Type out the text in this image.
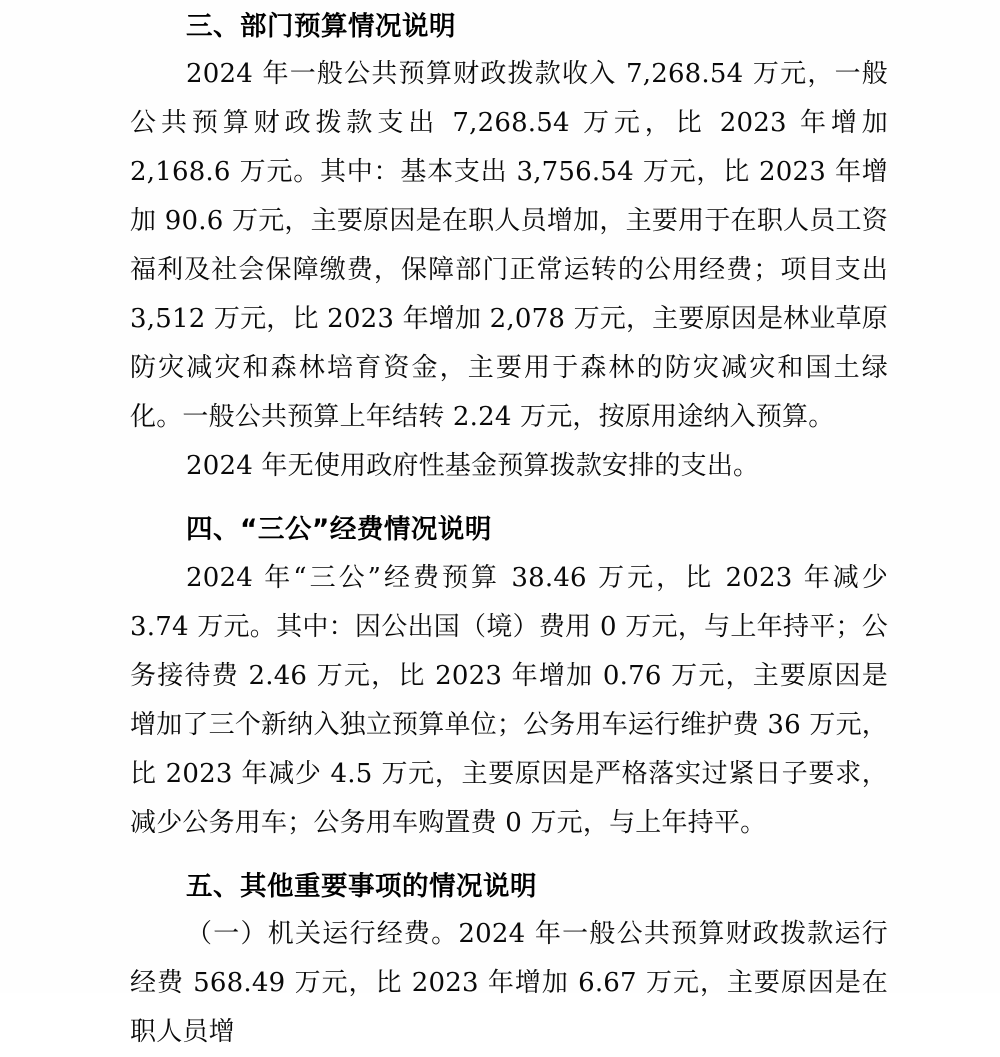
三、部门预算情况说明

2024 年一般公共预算财政拨款收入 7,268.54 万元，一般公共预算财政拨款支出 7,268.54 万元，比 2023 年增加 2,168.6 万元。其中：基本支出 3,756.54 万元，比 2023 年增加 90.6 万元，主要原因是在职人员增加，主要用于在职人员工资福利及社会保障缴费，保障部门正常运转的公用经费；项目支出 3,512 万元，比 2023 年增加 2,078 万元，主要原因是林业草原防灾减灾和森林培育资金，主要用于森林的防灾减灾和国土绿化。一般公共预算上年结转 2.24 万元，按原用途纳入预算。

2024 年无使用政府性基金预算拨款安排的支出。

四、“三公”经费情况说明

2024 年“三公”经费预算 38.46 万元，比 2023 年减少 3.74 万元。其中：因公出国（境）费用 0 万元，与上年持平；公务接待费 2.46 万元，比 2023 年增加 0.76 万元，主要原因是增加了三个新纳入独立预算单位；公务用车运行维护费 36 万元，比 2023 年减少 4.5 万元，主要原因是严格落实过紧日子要求，减少公务用车；公务用车购置费 0 万元，与上年持平。

五、其他重要事项的情况说明

（一）机关运行经费。2024 年一般公共预算财政拨款运行经费 568.49 万元，比 2023 年增加 6.67 万元，主要原因是在职人员增
